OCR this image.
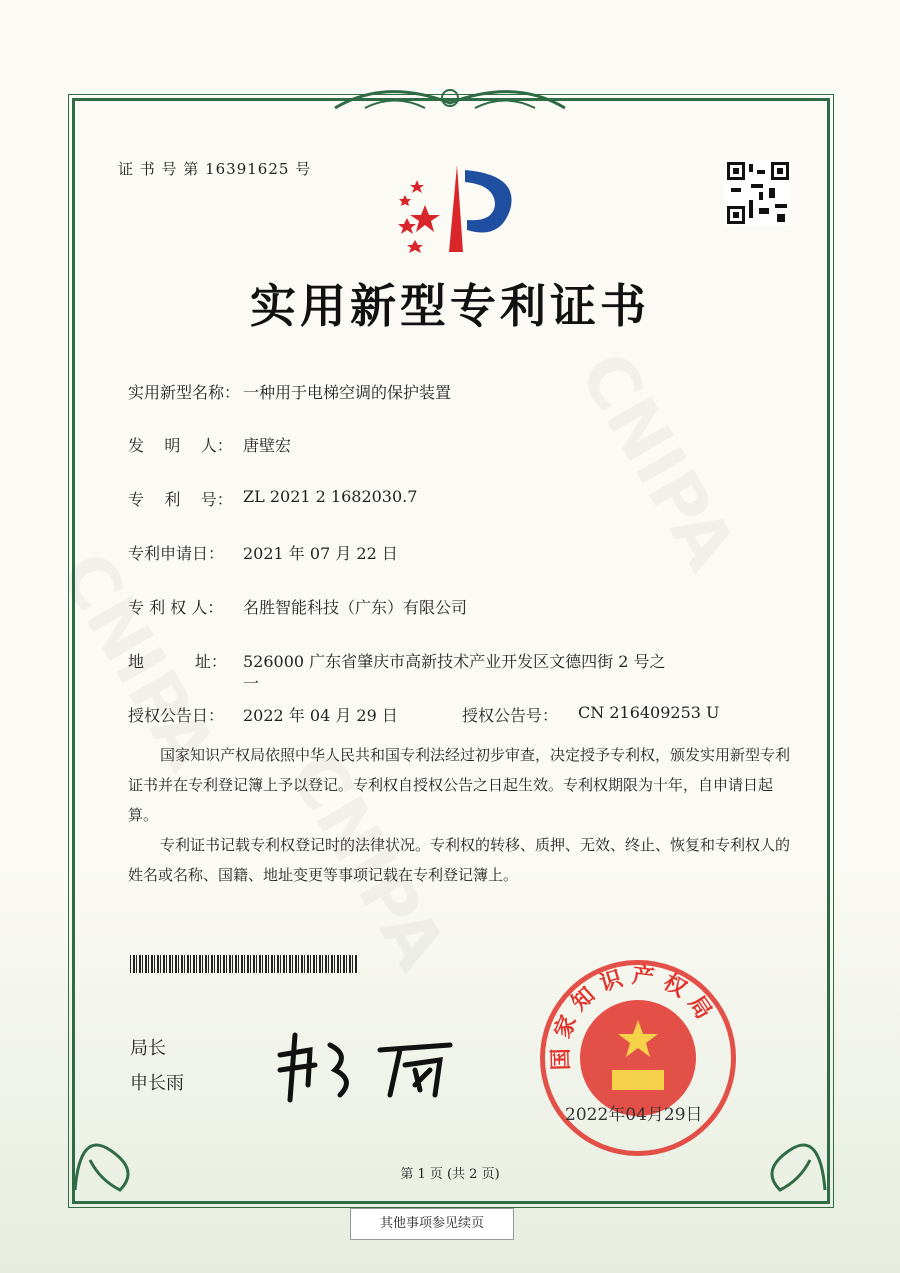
证 书 号 第 16391625 号
实用新型专利证书
实用新型名称： 一种用于电梯空调的保护装置
发    明    人： 唐壁宏
专    利    号： ZL 2021 2 1682030.7
专利申请日： 2021 年 07 月 22 日
专 利 权 人： 名胜智能科技（广东）有限公司
地          址： 526000 广东省肇庆市高新技术产业开发区文德四街 2 号之
一
授权公告日： 2022 年 04 月 29 日	授权公告号： CN 216409253 U

国家知识产权局依照中华人民共和国专利法经过初步审查，决定授予专利权，颁发实用新型专利证书并在专利登记簿上予以登记。专利权自授权公告之日起生效。专利权期限为十年，自申请日起算。

专利证书记载专利权登记时的法律状况。专利权的转移、质押、无效、终止、恢复和专利权人的姓名或名称、国籍、地址变更等事项记载在专利登记簿上。

局长
申长雨
国家知识产权局
2022年04月29日
第 1 页 (共 2 页)
其他事项参见续页
